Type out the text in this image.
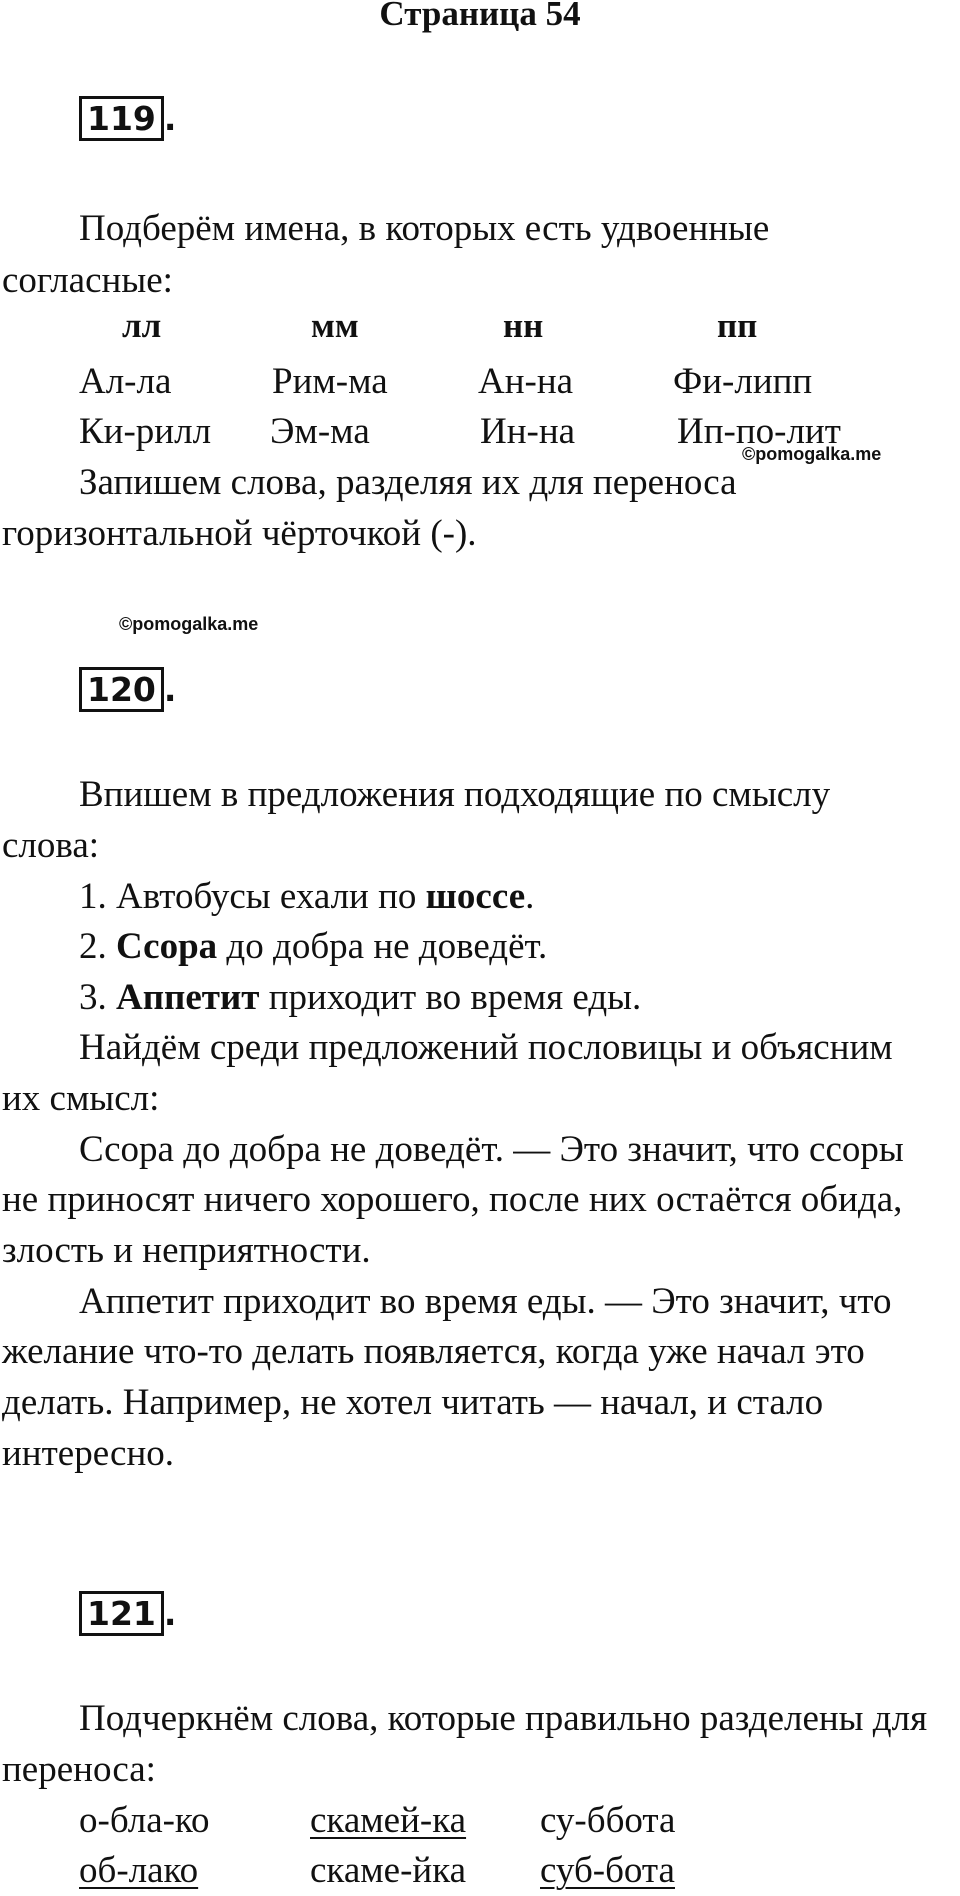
Страница 54
119 .
Подберём имена, в которых есть удвоенные
согласные:
лл	мм	нн	пп
Ал-ла	Рим-ма Ан-на	Фи-липп
Ки-рилл Эм-ма	Ин-на	Ип-по-лит
©pomogalka.me
Запишем слова, разделяя их для переноса
горизонтальной чёрточкой (-).
©pomogalka.me
120 .
Впишем в предложения подходящие по смыслу
слова:
1. Автобусы ехали по шоссе.
2. Ссора до добра не доведёт.
3. Аппетит приходит во время еды.
Найдём среди предложений пословицы и объясним
их смысл:
Ссора до добра не доведёт. — Это значит, что ссоры
не приносят ничего хорошего, после них остаётся обида,
злость и неприятности.
Аппетит приходит во время еды. — Это значит, что
желание что-то делать появляется, когда уже начал это
делать. Например, не хотел читать — начал, и стало
интересно.
121 .
Подчеркнём слова, которые правильно разделены для
переноса:
о-бла-ко	скамей-ка су-ббота
об-лако	скаме-йка суб-бота
